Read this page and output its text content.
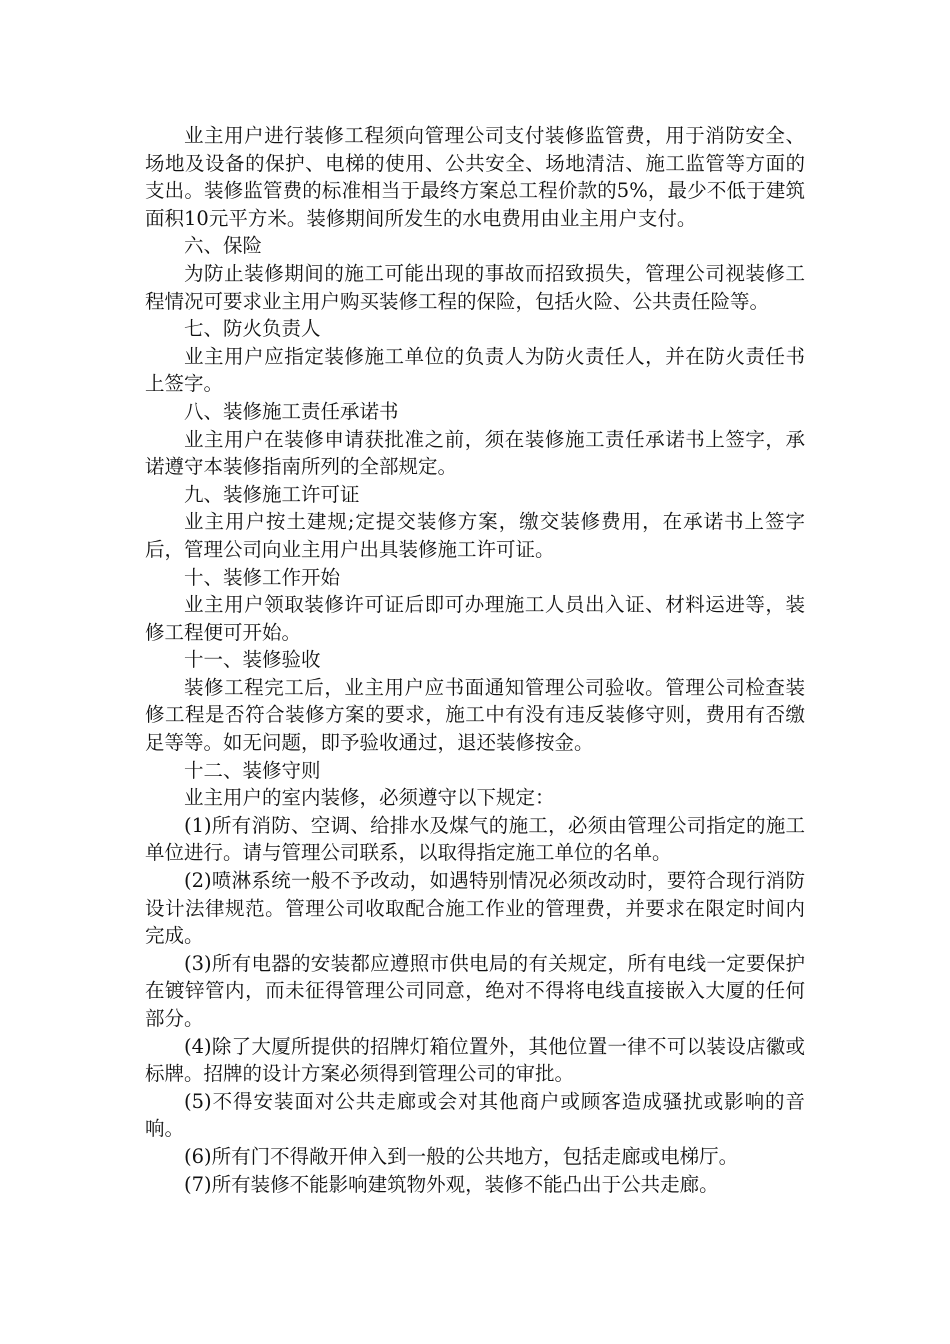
业主用户进行装修工程须向管理公司支付装修监管费，用于消防安全、场地及设备的保护、电梯的使用、公共安全、场地清洁、施工监管等方面的支出。装修监管费的标准相当于最终方案总工程价款的5%，最少不低于建筑面积10元平方米。装修期间所发生的水电费用由业主用户支付。

六、保险

为防止装修期间的施工可能出现的事故而招致损失，管理公司视装修工程情况可要求业主用户购买装修工程的保险，包括火险、公共责任险等。

七、防火负责人

业主用户应指定装修施工单位的负责人为防火责任人，并在防火责任书上签字。

八、装修施工责任承诺书

业主用户在装修申请获批准之前，须在装修施工责任承诺书上签字，承诺遵守本装修指南所列的全部规定。

九、装修施工许可证

业主用户按土建规;定提交装修方案，缴交装修费用，在承诺书上签字后，管理公司向业主用户出具装修施工许可证。

十、装修工作开始

业主用户领取装修许可证后即可办理施工人员出入证、材料运进等，装修工程便可开始。

十一、装修验收

装修工程完工后，业主用户应书面通知管理公司验收。管理公司检查装修工程是否符合装修方案的要求，施工中有没有违反装修守则，费用有否缴足等等。如无问题，即予验收通过，退还装修按金。

十二、装修守则

业主用户的室内装修，必须遵守以下规定：

(1)所有消防、空调、给排水及煤气的施工，必须由管理公司指定的施工单位进行。请与管理公司联系，以取得指定施工单位的名单。

(2)喷淋系统一般不予改动，如遇特别情况必须改动时，要符合现行消防设计法律规范。管理公司收取配合施工作业的管理费，并要求在限定时间内完成。

(3)所有电器的安装都应遵照市供电局的有关规定，所有电线一定要保护在镀锌管内，而未征得管理公司同意，绝对不得将电线直接嵌入大厦的任何部分。

(4)除了大厦所提供的招牌灯箱位置外，其他位置一律不可以装设店徽或标牌。招牌的设计方案必须得到管理公司的审批。

(5)不得安装面对公共走廊或会对其他商户或顾客造成骚扰或影响的音响。

(6)所有门不得敞开伸入到一般的公共地方，包括走廊或电梯厅。

(7)所有装修不能影响建筑物外观，装修不能凸出于公共走廊。
